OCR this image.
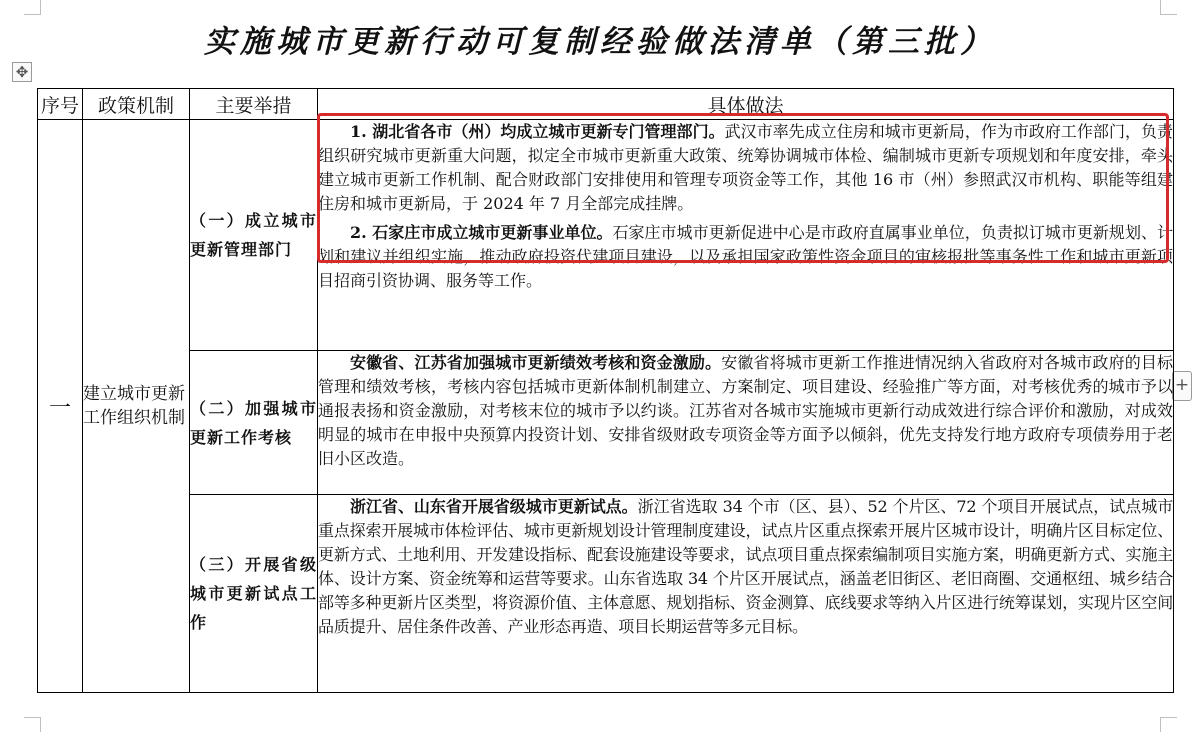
实施城市更新行动可复制经验做法清单（第三批）
✥
+
序号	政策机制	主要举措	具体做法
一	建立城市更新工作组织机制	（一）成立城市更新管理部门	1. 湖北省各市（州）均成立城市更新专门管理部门。武汉市率先成立住房和城市更新局，作为市政府工作部门，负责组织研究城市更新重大问题，拟定全市城市更新重大政策、统筹协调城市体检、编制城市更新专项规划和年度安排，牵头建立城市更新工作机制、配合财政部门安排使用和管理专项资金等工作，其他 16 市（州）参照武汉市机构、职能等组建住房和城市更新局，于 2024 年 7 月全部完成挂牌。

2. 石家庄市成立城市更新事业单位。石家庄市城市更新促进中心是市政府直属事业单位，负责拟订城市更新规划、计划和建议并组织实施，推动政府投资代建项目建设，以及承担国家政策性资金项目的审核报批等事务性工作和城市更新项目招商引资协调、服务等工作。

		（二）加强城市更新工作考核	安徽省、江苏省加强城市更新绩效考核和资金激励。安徽省将城市更新工作推进情况纳入省政府对各城市政府的目标管理和绩效考核，考核内容包括城市更新体制机制建立、方案制定、项目建设、经验推广等方面，对考核优秀的城市予以通报表扬和资金激励，对考核末位的城市予以约谈。江苏省对各城市实施城市更新行动成效进行综合评价和激励，对成效明显的城市在申报中央预算内投资计划、安排省级财政专项资金等方面予以倾斜，优先支持发行地方政府专项债券用于老旧小区改造。

		（三）开展省级城市更新试点工作	浙江省、山东省开展省级城市更新试点。浙江省选取 34 个市（区、县）、52 个片区、72 个项目开展试点，试点城市重点探索开展城市体检评估、城市更新规划设计管理制度建设，试点片区重点探索开展片区城市设计，明确片区目标定位、更新方式、土地利用、开发建设指标、配套设施建设等要求，试点项目重点探索编制项目实施方案，明确更新方式、实施主体、设计方案、资金统筹和运营等要求。山东省选取 34 个片区开展试点，涵盖老旧街区、老旧商圈、交通枢纽、城乡结合部等多种更新片区类型，将资源价值、主体意愿、规划指标、资金测算、底线要求等纳入片区进行统筹谋划，实现片区空间品质提升、居住条件改善、产业形态再造、项目长期运营等多元目标。
